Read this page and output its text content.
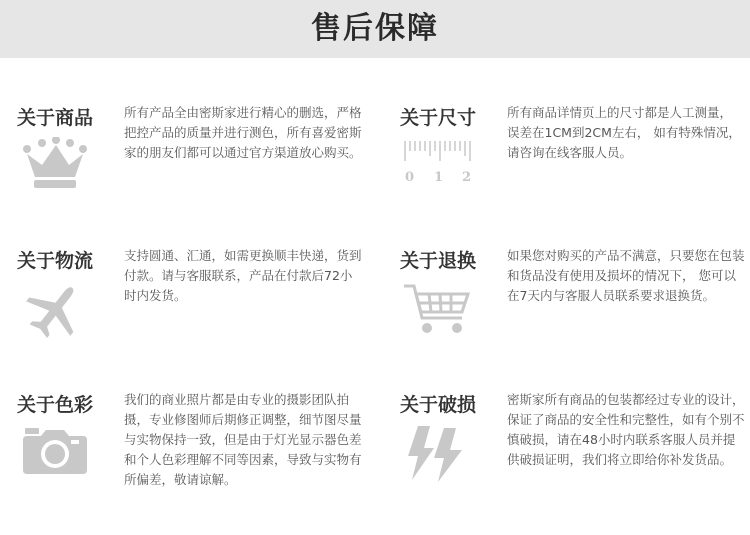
售后保障
关于商品	所有产品全由密斯家进行精心的删选，严格把控产品的质量并进行测色，所有喜爱密斯家的朋友们都可以通过官方渠道放心购买。
关于尺寸
0 1 2
所有商品详情页上的尺寸都是人工测量， 误差在1CM到2CM左右， 如有特殊情况， 请咨询在线客服人员。
关于物流	支持圆通、汇通，如需更换顺丰快递，货到付款。请与客服联系，产品在付款后72小时内发货。
关于退换	如果您对购买的产品不满意，只要您在包装和货品没有使用及损坏的情况下， 您可以在7天内与客服人员联系要求退换货。
关于色彩	我们的商业照片都是由专业的摄影团队拍摄，专业修图师后期修正调整，细节图尽量与实物保持一致，但是由于灯光显示器色差和个人色彩理解不同等因素，导致与实物有所偏差，敬请谅解。
关于破损	密斯家所有商品的包装都经过专业的设计，保证了商品的安全性和完整性，如有个别不慎破损，请在48小时内联系客服人员并提供破损证明，我们将立即给你补发货品。
